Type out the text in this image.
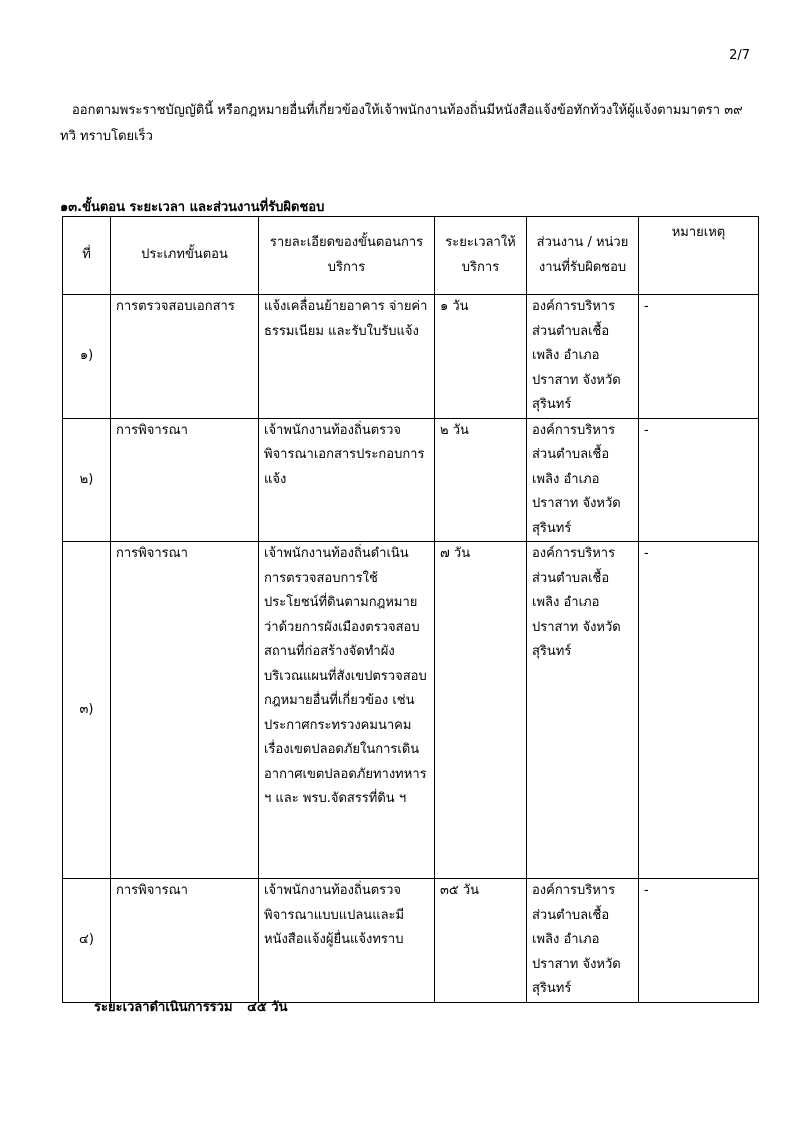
2/7
ออกตามพระราชบัญญัตินี้ หรือกฎหมายอื่นที่เกี่ยวข้องให้เจ้าพนักงานท้องถิ่นมีหนังสือแจ้งข้อทักท้วงให้ผู้แจ้งตามมาตรา ๓๙
ทวิ ทราบโดยเร็ว
๑๓.ขั้นตอน ระยะเวลา และส่วนงานที่รับผิดชอบ
ที่	ประเภทขั้นตอน	รายละเอียดของขั้นตอนการบริการ	ระยะเวลาให้บริการ	ส่วนงาน / หน่วยงานที่รับผิดชอบ	หมายเหตุ
๑)	การตรวจสอบเอกสาร	แจ้งเคลื่อนย้ายอาคาร จ่ายค่าธรรมเนียม และรับใบรับแจ้ง	๑ วัน	องค์การบริหารส่วนตำบลเชื้อเพลิง อำเภอปราสาท จังหวัดสุรินทร์	-
๒)	การพิจารณา	เจ้าพนักงานท้องถิ่นตรวจพิจารณาเอกสารประกอบการแจ้ง	๒ วัน	องค์การบริหารส่วนตำบลเชื้อเพลิง อำเภอปราสาท จังหวัดสุรินทร์	-
๓)	การพิจารณา	เจ้าพนักงานท้องถิ่นดำเนินการตรวจสอบการใช้ประโยชน์ที่ดินตามกฎหมายว่าด้วยการผังเมืองตรวจสอบสถานที่ก่อสร้างจัดทำผังบริเวณแผนที่สังเขปตรวจสอบกฎหมายอื่นที่เกี่ยวข้อง เช่น ประกาศกระทรวงคมนาคม เรื่องเขตปลอดภัยในการเดินอากาศเขตปลอดภัยทางทหาร ฯ และ พรบ.จัดสรรที่ดิน ฯ	๗ วัน	องค์การบริหารส่วนตำบลเชื้อเพลิง อำเภอปราสาท จังหวัดสุรินทร์	-
๔)	การพิจารณา	เจ้าพนักงานท้องถิ่นตรวจพิจารณาแบบแปลนและมีหนังสือแจ้งผู้ยื่นแจ้งทราบ	๓๕ วัน	องค์การบริหารส่วนตำบลเชื้อเพลิง อำเภอปราสาท จังหวัดสุรินทร์	-
ระยะเวลาดำเนินการรวม ๔๕ วัน
